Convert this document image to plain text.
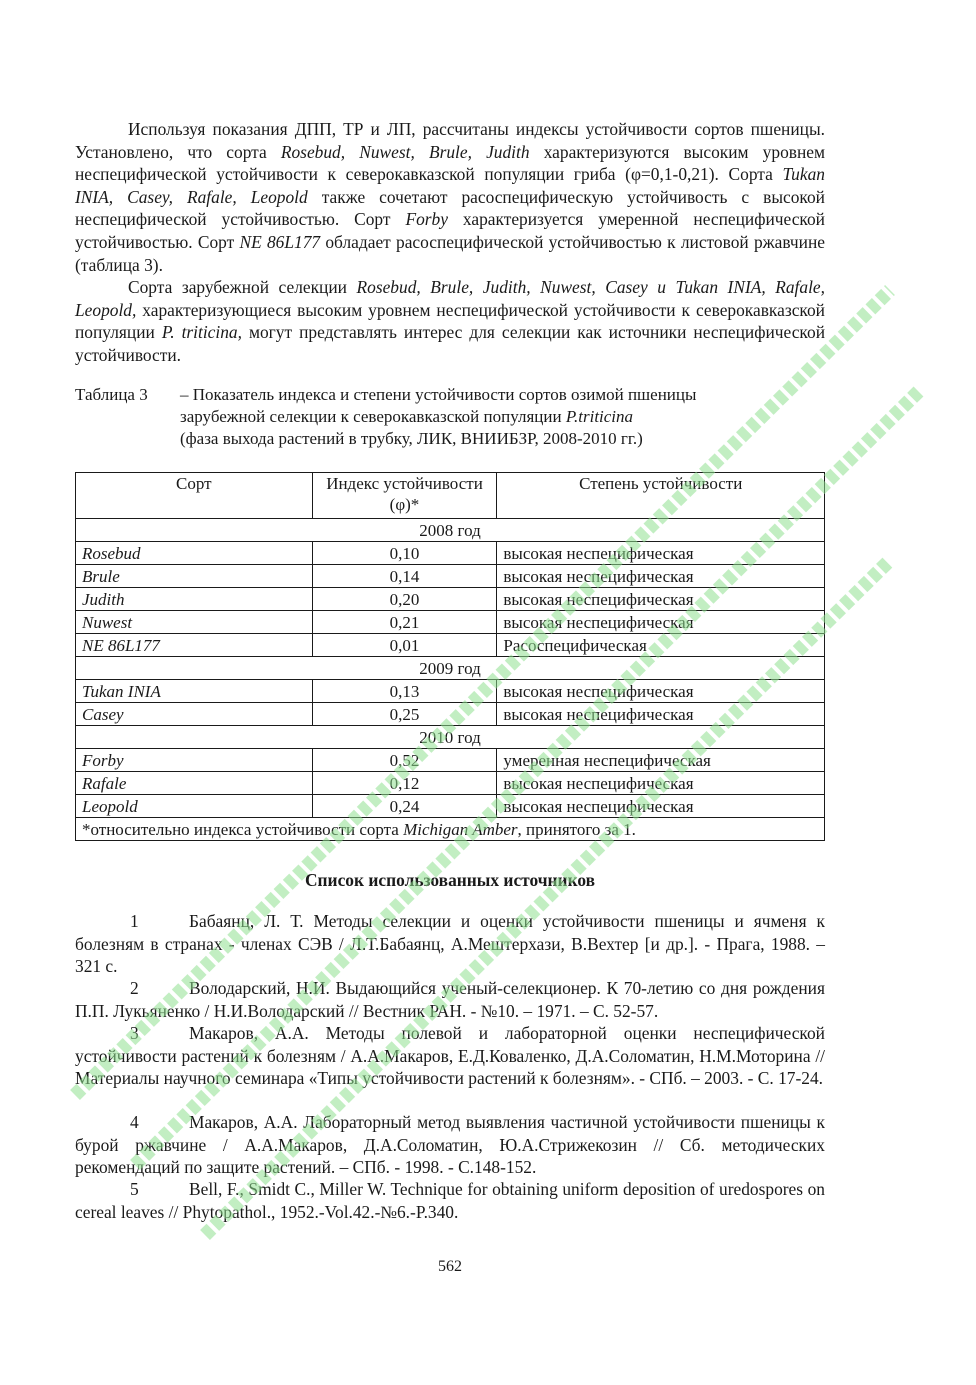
Используя показания ДПП, ТР и ЛП, рассчитаны индексы устойчивости сортов пшеницы. Установлено, что сорта Rosebud, Nuwest, Brule, Judith характеризуются высоким уровнем неспецифической устойчивости к северокавказской популяции гриба (φ=0,1-0,21). Сорта Tukan INIA, Casey, Rafale, Leopold также сочетают расоспецифическую устойчивость с высокой неспецифической устойчивостью. Сорт Forby характеризуется умеренной неспецифической устойчивостью. Сорт NE 86L177 обладает расоспецифической устойчивостью к листовой ржавчине (таблица 3).

Сорта зарубежной селекции Rosebud, Brule, Judith, Nuwest, Casey и Tukan INIA, Rafale, Leopold, характеризующиеся высоким уровнем неспецифической устойчивости к северокавказской популяции P. triticina, могут представлять интерес для селекции как источники неспецифической устойчивости.

Таблица 3 – Показатель индекса и степени устойчивости сортов озимой пшеницы
зарубежной селекции к северокавказской популяции P.triticina
(фаза выхода растений в трубку, ЛИК, ВНИИБЗР, 2008-2010 гг.)
Сорт	Индекс устойчивости (φ)*	Степень устойчивости
2008 год		
Rosebud	0,10	высокая неспецифическая
Brule	0,14	высокая неспецифическая
Judith	0,20	высокая неспецифическая
Nuwest	0,21	высокая неспецифическая
NE 86L177	0,01	Расоспецифическая
2009 год		
Tukan INIA	0,13	высокая неспецифическая
Casey	0,25	высокая неспецифическая
2010 год		
Forby	0,52	умеренная неспецифическая
Rafale	0,12	высокая неспецифическая
Leopold	0,24	высокая неспецифическая
*относительно индекса устойчивости сорта Michigan Amber, принятого за 1.		
Список использованных источников

1	Бабаянц, Л. Т. Методы селекции и оценки устойчивости пшеницы и ячменя к болезням в странах - членах СЭВ / Л.Т.Бабаянц, А.Мештерхази, В.Вехтер [и др.]. - Прага, 1988. – 321 с.

2	Володарский, Н.И. Выдающийся ученый-селекционер. К 70-летию со дня рождения П.П. Лукьяненко / Н.И.Володарский // Вестник РАН. - №10. – 1971. – С. 52-57.

3	Макаров, А.А. Методы полевой и лабораторной оценки неспецифической устойчивости растений к болезням / А.А.Макаров, Е.Д.Коваленко, Д.А.Соломатин, Н.М.Моторина // Материалы научного семинара «Типы устойчивости растений к болезням». - СПб. – 2003. - С. 17-24.

4	Макаров, А.А. Лабораторный метод выявления частичной устойчивости пшеницы к бурой ржавчине / А.А.Макаров, Д.А.Соломатин, Ю.А.Стрижекозин // Сб. методических рекомендаций по защите растений. – СПб. - 1998. - С.148-152.

5	Bell, F., Smidt C., Miller W. Technique for obtaining uniform deposition of uredospores on cereal leaves // Phytopathol., 1952.-Vol.42.-№6.-P.340.

562
